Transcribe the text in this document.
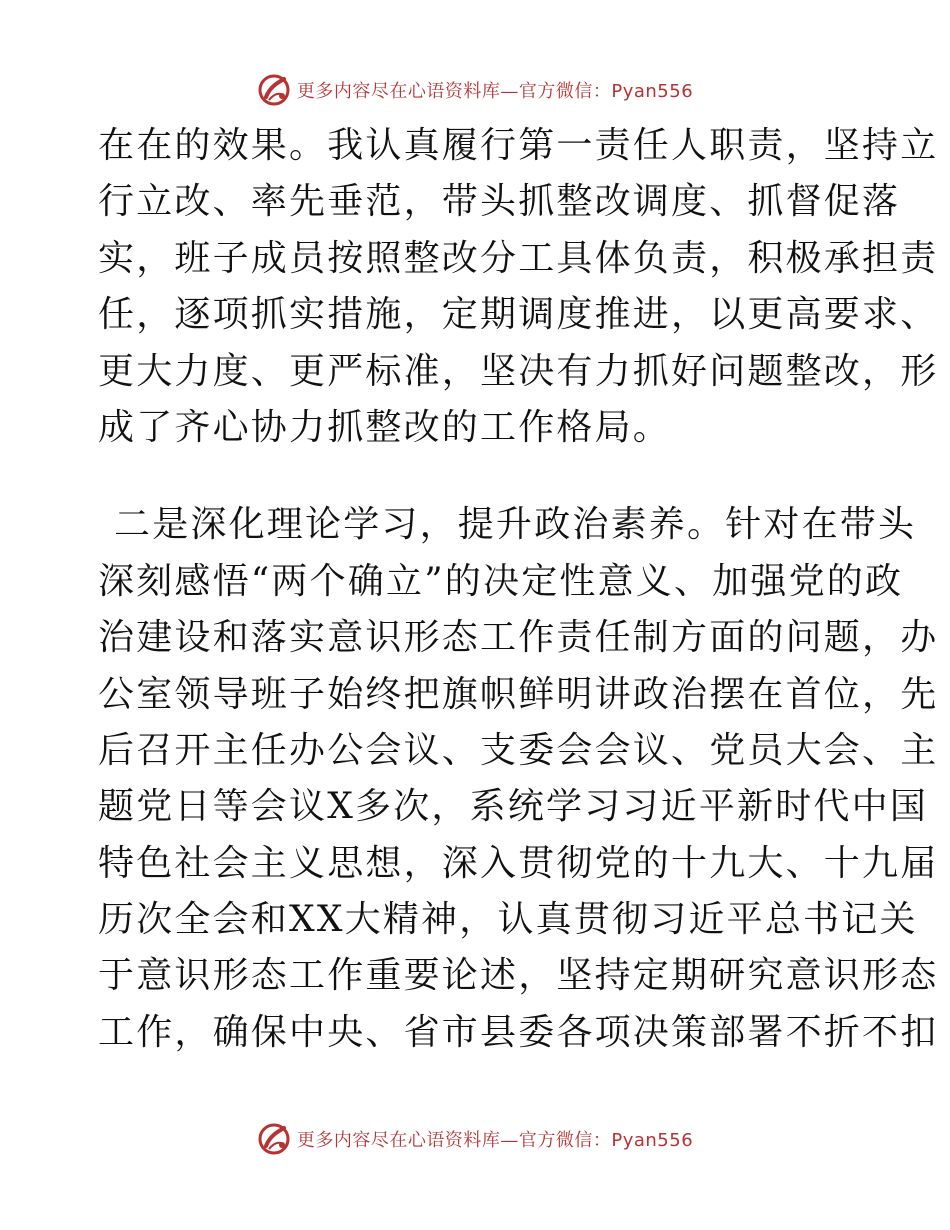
更多内容尽在心语资料库—官方微信：Pyan556
在在的效果。我认真履行第一责任人职责，坚持立
行立改、率先垂范，带头抓整改调度、抓督促落
实，班子成员按照整改分工具体负责，积极承担责
任，逐项抓实措施，定期调度推进，以更高要求、
更大力度、更严标准，坚决有力抓好问题整改，形
成了齐心协力抓整改的工作格局。
二是深化理论学习，提升政治素养。针对在带头
深刻感悟“两个确立”的决定性意义、加强党的政
治建设和落实意识形态工作责任制方面的问题，办
公室领导班子始终把旗帜鲜明讲政治摆在首位，先
后召开主任办公会议、支委会会议、党员大会、主
题党日等会议X多次，系统学习习近平新时代中国
特色社会主义思想，深入贯彻党的十九大、十九届
历次全会和XX大精神，认真贯彻习近平总书记关
于意识形态工作重要论述，坚持定期研究意识形态
工作，确保中央、省市县委各项决策部署不折不扣
更多内容尽在心语资料库—官方微信：Pyan556
